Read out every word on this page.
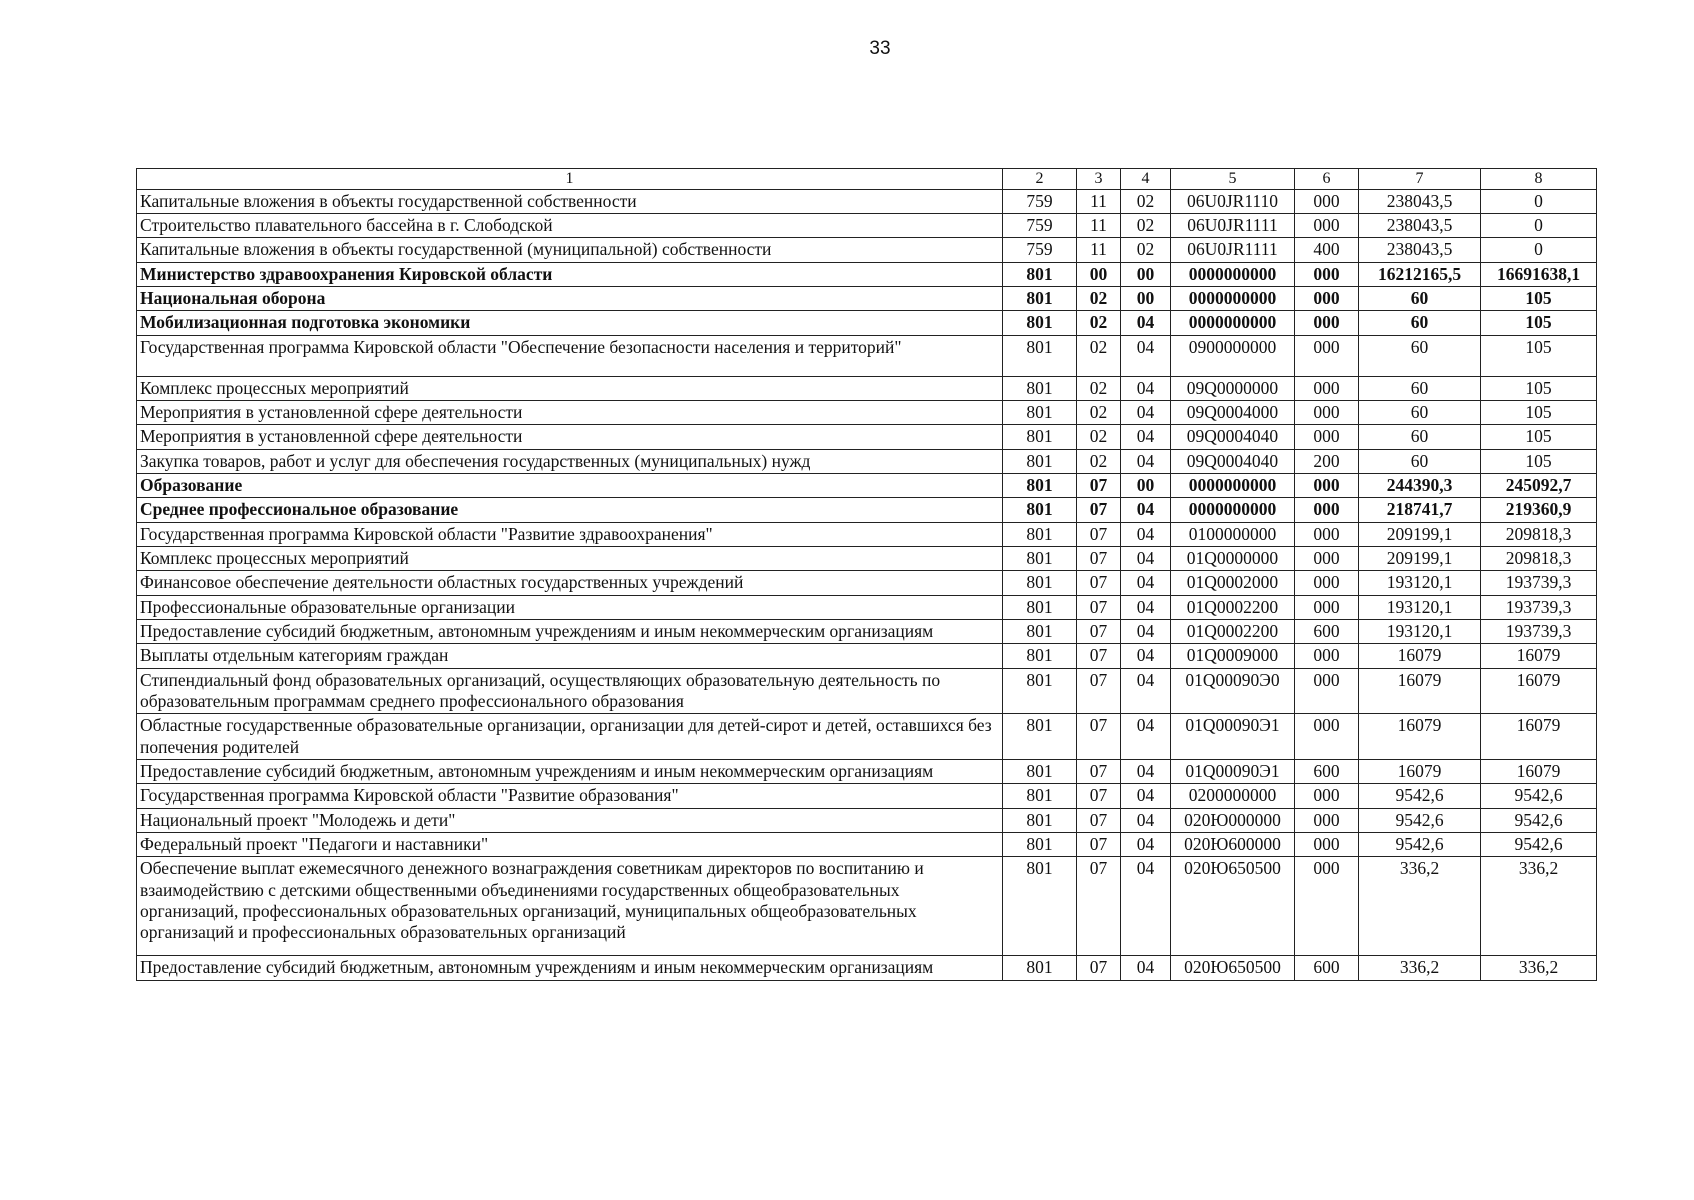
33
1	2	3	4	5	6	7	8
Капитальные вложения в объекты государственной собственности	759	11	02	06U0JR1110	000	238043,5	0
Строительство плавательного бассейна в г. Слободской	759	11	02	06U0JR1111	000	238043,5	0
Капитальные вложения в объекты государственной (муниципальной) собственности	759	11	02	06U0JR1111	400	238043,5	0
Министерство здравоохранения Кировской области	801	00	00	0000000000	000	16212165,5	16691638,1
Национальная оборона	801	02	00	0000000000	000	60	105
Мобилизационная подготовка экономики	801	02	04	0000000000	000	60	105
Государственная программа Кировской области "Обеспечение безопасности населения и территорий"	801	02	04	0900000000	000	60	105
Комплекс процессных мероприятий	801	02	04	09Q0000000	000	60	105
Мероприятия в установленной сфере деятельности	801	02	04	09Q0004000	000	60	105
Мероприятия в установленной сфере деятельности	801	02	04	09Q0004040	000	60	105
Закупка товаров, работ и услуг для обеспечения государственных (муниципальных) нужд	801	02	04	09Q0004040	200	60	105
Образование	801	07	00	0000000000	000	244390,3	245092,7
Среднее профессиональное образование	801	07	04	0000000000	000	218741,7	219360,9
Государственная программа Кировской области "Развитие здравоохранения"	801	07	04	0100000000	000	209199,1	209818,3
Комплекс процессных мероприятий	801	07	04	01Q0000000	000	209199,1	209818,3
Финансовое обеспечение деятельности областных государственных учреждений	801	07	04	01Q0002000	000	193120,1	193739,3
Профессиональные образовательные организации	801	07	04	01Q0002200	000	193120,1	193739,3
Предоставление субсидий бюджетным, автономным учреждениям и иным некоммерческим организациям	801	07	04	01Q0002200	600	193120,1	193739,3
Выплаты отдельным категориям граждан	801	07	04	01Q0009000	000	16079	16079
Стипендиальный фонд образовательных организаций, осуществляющих образовательную деятельность по образовательным программам среднего профессионального образования	801	07	04	01Q00090Э0	000	16079	16079
Областные государственные образовательные организации, организации для детей-сирот и детей, оставшихся без попечения родителей	801	07	04	01Q00090Э1	000	16079	16079
Предоставление субсидий бюджетным, автономным учреждениям и иным некоммерческим организациям	801	07	04	01Q00090Э1	600	16079	16079
Государственная программа Кировской области "Развитие образования"	801	07	04	0200000000	000	9542,6	9542,6
Национальный проект "Молодежь и дети"	801	07	04	020Ю000000	000	9542,6	9542,6
Федеральный проект "Педагоги и наставники"	801	07	04	020Ю600000	000	9542,6	9542,6
Обеспечение выплат ежемесячного денежного вознаграждения советникам директоров по воспитанию и взаимодействию с детскими общественными объединениями государственных общеобразовательных организаций, профессиональных образовательных организаций, муниципальных общеобразовательных организаций и профессиональных образовательных организаций	801	07	04	020Ю650500	000	336,2	336,2
Предоставление субсидий бюджетным, автономным учреждениям и иным некоммерческим организациям	801	07	04	020Ю650500	600	336,2	336,2
